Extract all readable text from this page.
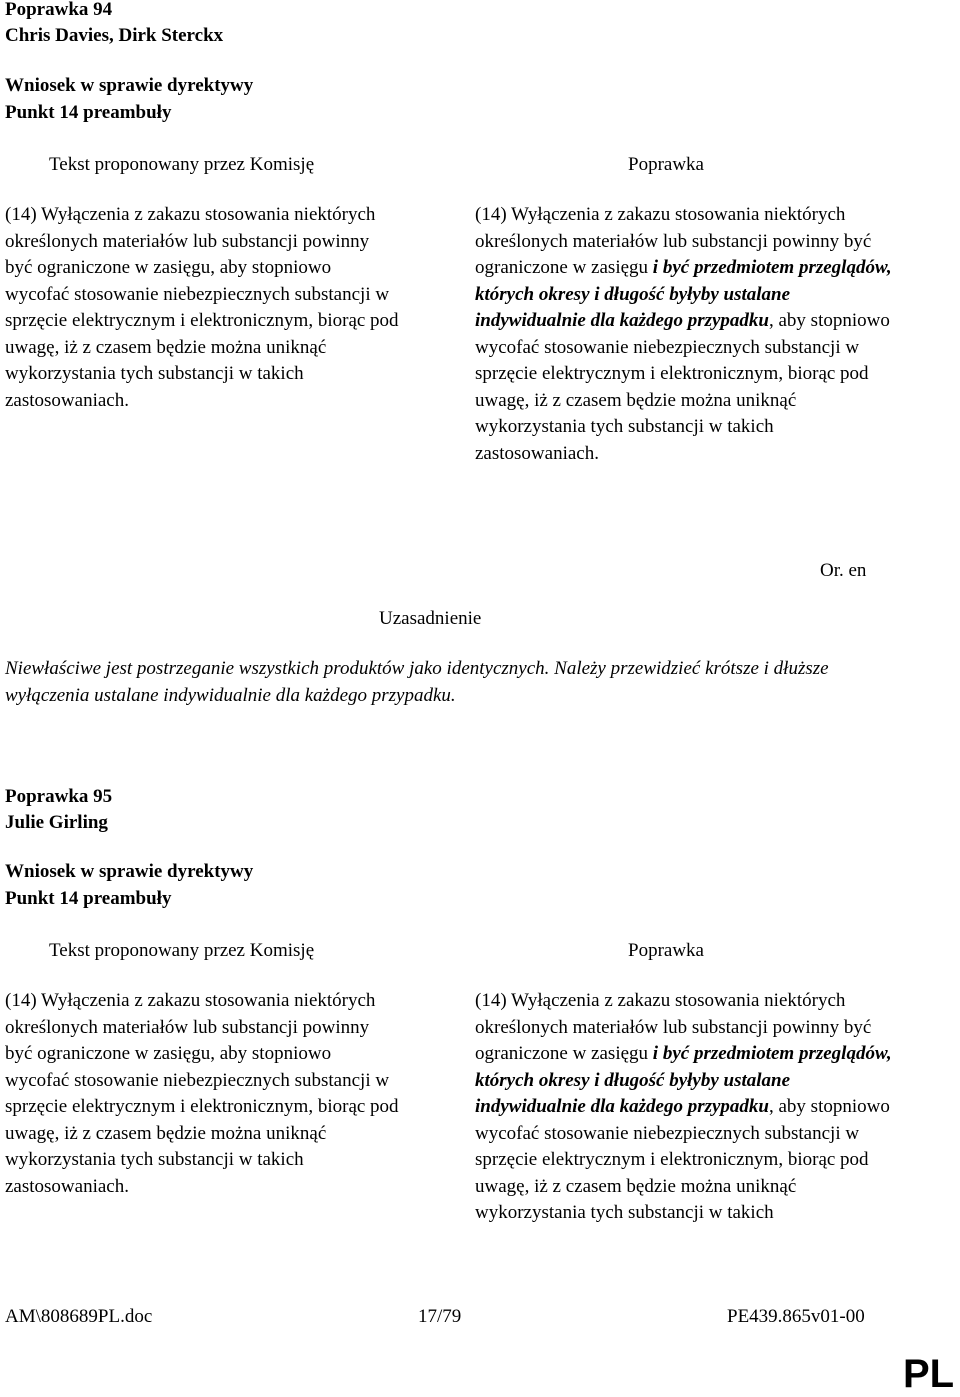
Poprawka 94
Chris Davies, Dirk Sterckx
Wniosek w sprawie dyrektywy
Punkt 14 preambuły
Tekst proponowany przez Komisję	Poprawka
(14) Wyłączenia z zakazu stosowania niektórych określonych materiałów lub substancji powinny być ograniczone w zasięgu, aby stopniowo wycofać stosowanie niebezpiecznych substancji w sprzęcie elektrycznym i elektronicznym, biorąc pod uwagę, iż z czasem będzie można uniknąć wykorzystania tych substancji w takich zastosowaniach.
(14) Wyłączenia z zakazu stosowania niektórych określonych materiałów lub substancji powinny być ograniczone w zasięgu i być przedmiotem przeglądów, których okresy i długość byłyby ustalane indywidualnie dla każdego przypadku, aby stopniowo wycofać stosowanie niebezpiecznych substancji w sprzęcie elektrycznym i elektronicznym, biorąc pod uwagę, iż z czasem będzie można uniknąć wykorzystania tych substancji w takich zastosowaniach.
Or. en
Uzasadnienie
Niewłaściwe jest postrzeganie wszystkich produktów jako identycznych. Należy przewidzieć krótsze i dłuższe wyłączenia ustalane indywidualnie dla każdego przypadku.
Poprawka 95
Julie Girling
Wniosek w sprawie dyrektywy
Punkt 14 preambuły
Tekst proponowany przez Komisję	Poprawka
(14) Wyłączenia z zakazu stosowania niektórych określonych materiałów lub substancji powinny być ograniczone w zasięgu, aby stopniowo wycofać stosowanie niebezpiecznych substancji w sprzęcie elektrycznym i elektronicznym, biorąc pod uwagę, iż z czasem będzie można uniknąć wykorzystania tych substancji w takich zastosowaniach.
(14) Wyłączenia z zakazu stosowania niektórych określonych materiałów lub substancji powinny być ograniczone w zasięgu i być przedmiotem przeglądów, których okresy i długość byłyby ustalane indywidualnie dla każdego przypadku, aby stopniowo wycofać stosowanie niebezpiecznych substancji w sprzęcie elektrycznym i elektronicznym, biorąc pod uwagę, iż z czasem będzie można uniknąć wykorzystania tych substancji w takich
AM\808689PL.doc	17/79	PE439.865v01-00
PL
